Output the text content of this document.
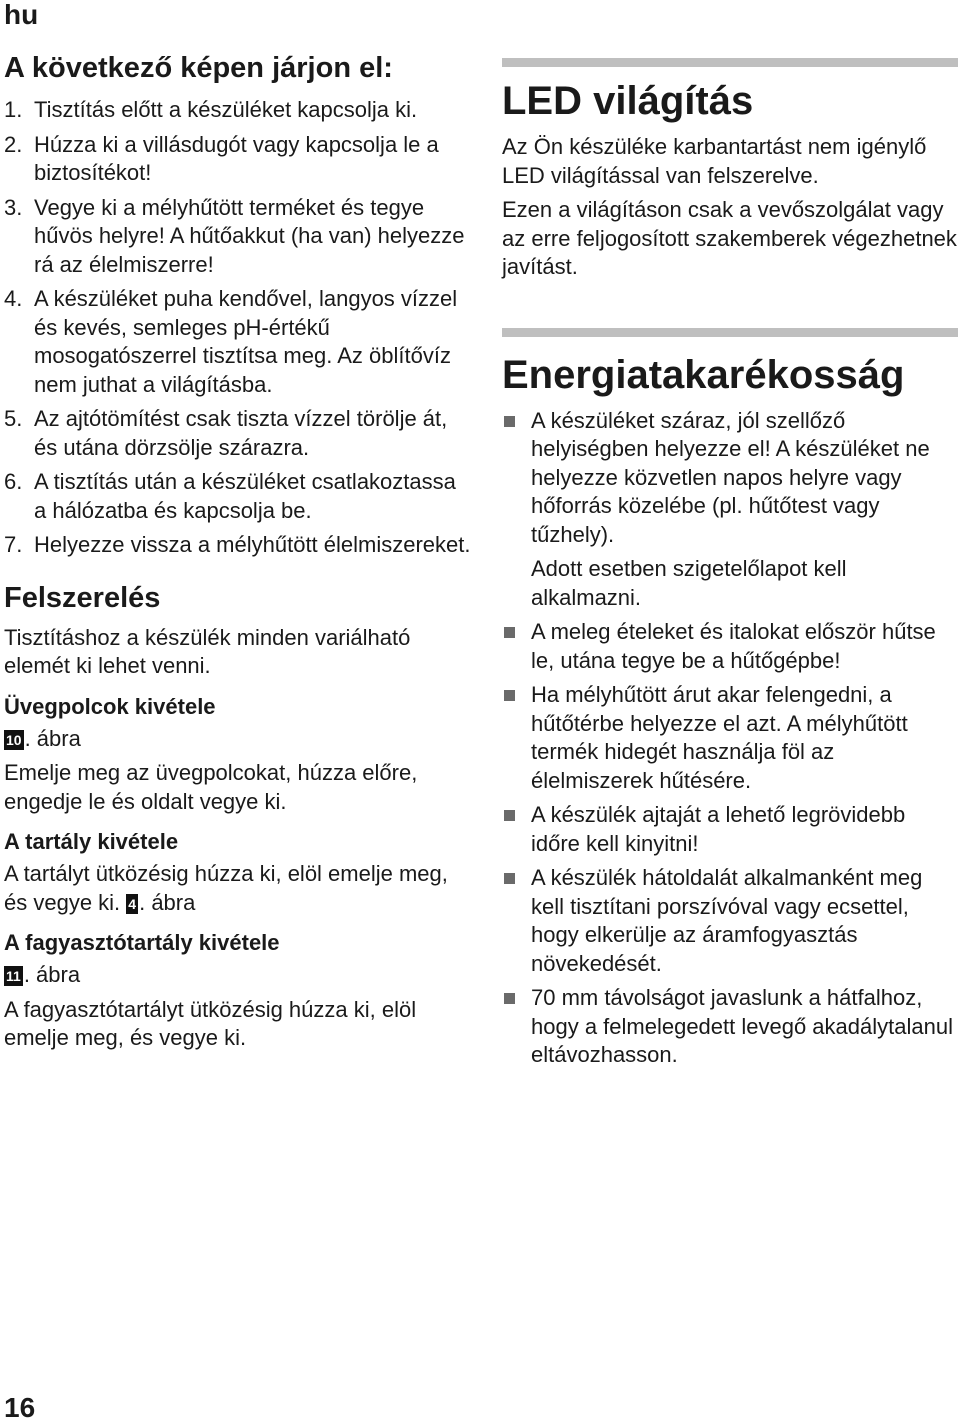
hu
A következő képen járjon el:
1. Tisztítás előtt a készüléket kapcsolja ki.
2. Húzza ki a villásdugót vagy kapcsolja le a biztosítékot!
3. Vegye ki a mélyhűtött terméket és tegye hűvös helyre! A hűtőakkut (ha van) helyezze rá az élelmiszerre!
4. A készüléket puha kendővel, langyos vízzel és kevés, semleges pH-értékű mosogatószerrel tisztítsa meg. Az öblítővíz nem juthat a világításba.
5. Az ajtótömítést csak tiszta vízzel törölje át, és utána dörzsölje szárazra.
6. A tisztítás után a készüléket csatlakoztassa a hálózatba és kapcsolja be.
7. Helyezze vissza a mélyhűtött élelmiszereket.
Felszerelés

Tisztításhoz a készülék minden variálható elemét ki lehet venni.

Üvegpolcok kivétele

10 . ábra

Emelje meg az üvegpolcokat, húzza előre, engedje le és oldalt vegye ki.

A tartály kivétele

A tartályt ütközésig húzza ki, elöl emelje meg, és vegye ki. 4 . ábra

A fagyasztótartály kivétele

11 . ábra

A fagyasztótartályt ütközésig húzza ki, elöl emelje meg, és vegye ki.

LED világítás

Az Ön készüléke karbantartást nem igénylő LED világítással van felszerelve.

Ezen a világításon csak a vevőszolgálat vagy az erre feljogosított szakemberek végezhetnek javítást.

Energiatakarékosság
A készüléket száraz, jól szellőző helyiségben helyezze el! A készüléket ne helyezze közvetlen napos helyre vagy hőforrás közelébe (pl. hűtőtest vagy tűzhely).
Adott esetben szigetelőlapot kell alkalmazni.
A meleg ételeket és italokat először hűtse le, utána tegye be a hűtőgépbe!
Ha mélyhűtött árut akar felengedni, a hűtőtérbe helyezze el azt. A mélyhűtött termék hidegét használja föl az élelmiszerek hűtésére.
A készülék ajtaját a lehető legrövidebb időre kell kinyitni!
A készülék hátoldalát alkalmanként meg kell tisztítani porszívóval vagy ecsettel, hogy elkerülje az áramfogyasztás növekedését.
70 mm távolságot javaslunk a hátfalhoz, hogy a felmelegedett levegő akadálytalanul eltávozhasson.
16
